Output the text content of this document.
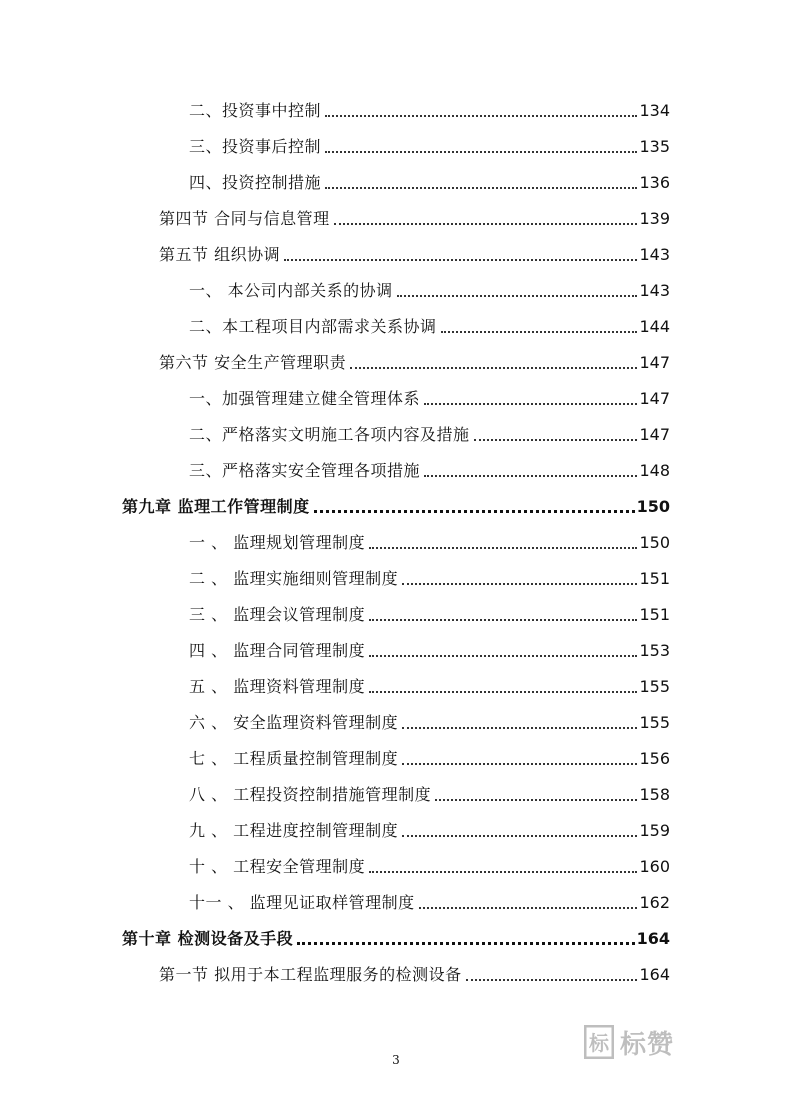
二、投资事中控制	134
三、投资事后控制	135
四、投资控制措施	136
第四节 合同与信息管理	139
第五节 组织协调	143
一、 本公司内部关系的协调	143
二、本工程项目内部需求关系协调	144
第六节 安全生产管理职责	147
一、加强管理建立健全管理体系	147
二、严格落实文明施工各项内容及措施	147
三、严格落实安全管理各项措施	148
第九章 监理工作管理制度	150
一 、 监理规划管理制度	150
二 、 监理实施细则管理制度	151
三 、 监理会议管理制度	151
四 、 监理合同管理制度	153
五 、 监理资料管理制度	155
六 、 安全监理资料管理制度	155
七 、 工程质量控制管理制度	156
八 、 工程投资控制措施管理制度	158
九 、 工程进度控制管理制度	159
十 、 工程安全管理制度	160
十一 、 监理见证取样管理制度	162
第十章 检测设备及手段	164
第一节 拟用于本工程监理服务的检测设备	164
3
标 标赞
